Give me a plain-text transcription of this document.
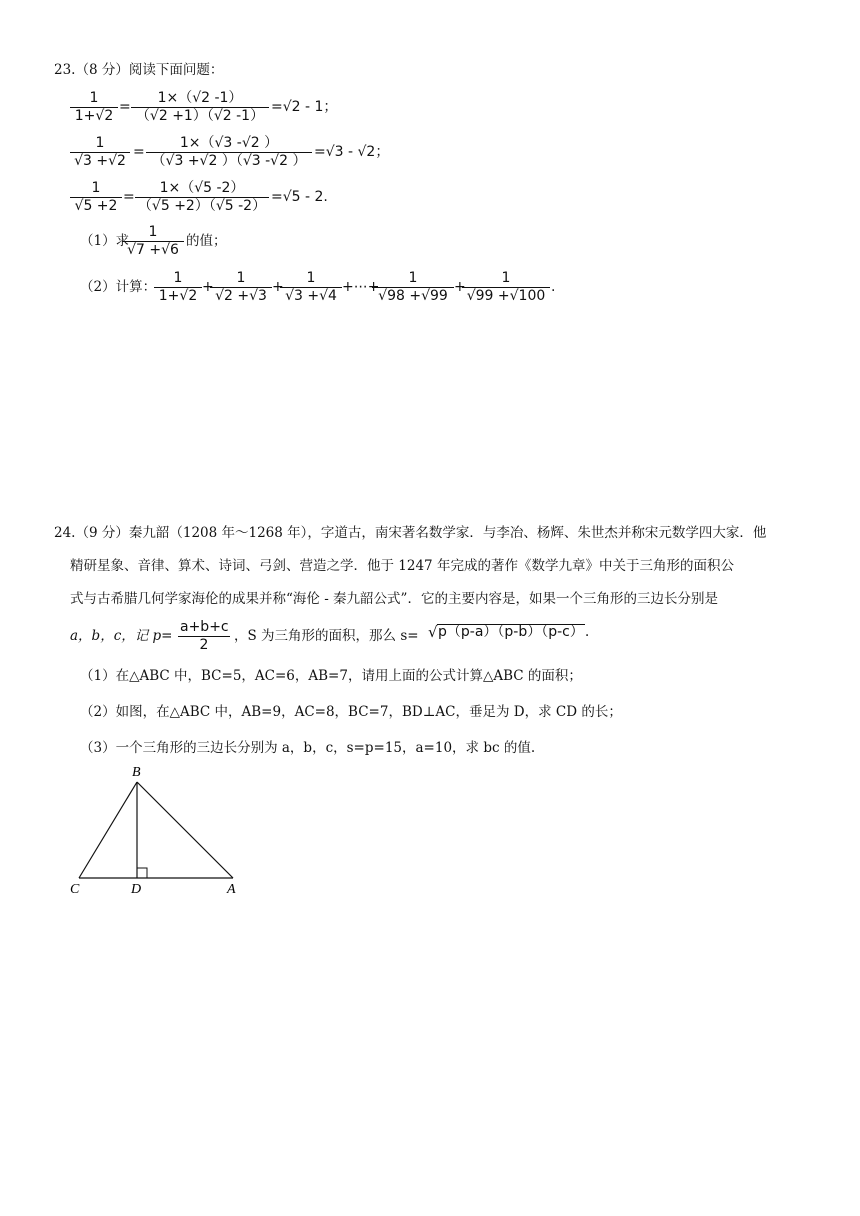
23.（8 分）阅读下面问题：
$\frac{1}{1+√2} = \frac{1\times(√2 -1)}{(√2 +1)(√2 -1)} =√2 - 1$；
$\frac{1}{√3 +√2} = \frac{1\times(√3 -√2 )}{(√3 +√2 )(√3 -√2 )} =√3 - √2$；
$\frac{1}{√5 +2} = \frac{1\times(√5 -2)}{(√5 +2)(√5 -2)} =√5 - 2$.
（1）求
$\frac{1}{√7 +√6}$ 的值；
（2）计算：
$\frac{1}{1+√2}$ +
$\frac{1}{√2 +√3}$ +
$\frac{1}{√3 +√4}$ +⋯+
$\frac{1}{√98 +√99}$ +
$\frac{1}{√99 +√100}$ .
24.（9 分）秦九韶（1208 年～1268 年），字道古，南宋著名数学家．与李冶、杨辉、朱世杰并称宋元数学四大家．他
精研星象、音律、算术、诗词、弓剑、营造之学．他于 1247 年完成的著作《数学九章》中关于三角形的面积公
式与古希腊几何学家海伦的成果并称“海伦 - 秦九韶公式”．它的主要内容是，如果一个三角形的三边长分别是
a，b，c，记 $p= \frac{a+b+c}{2}$ ，S 为三角形的面积，那么 s=
√	p（p-a）（p-b）（p-c）.
（1）在△ABC 中，BC=5，AC=6，AB=7，请用上面的公式计算△ABC 的面积；
（2）如图，在△ABC 中，AB=9，AC=8，BC=7，BD⊥AC，垂足为 D，求 CD 的长；
（3）一个三角形的三边长分别为 a，b，c，s=p=15，a=10，求 bc 的值.
B
C	D	A
